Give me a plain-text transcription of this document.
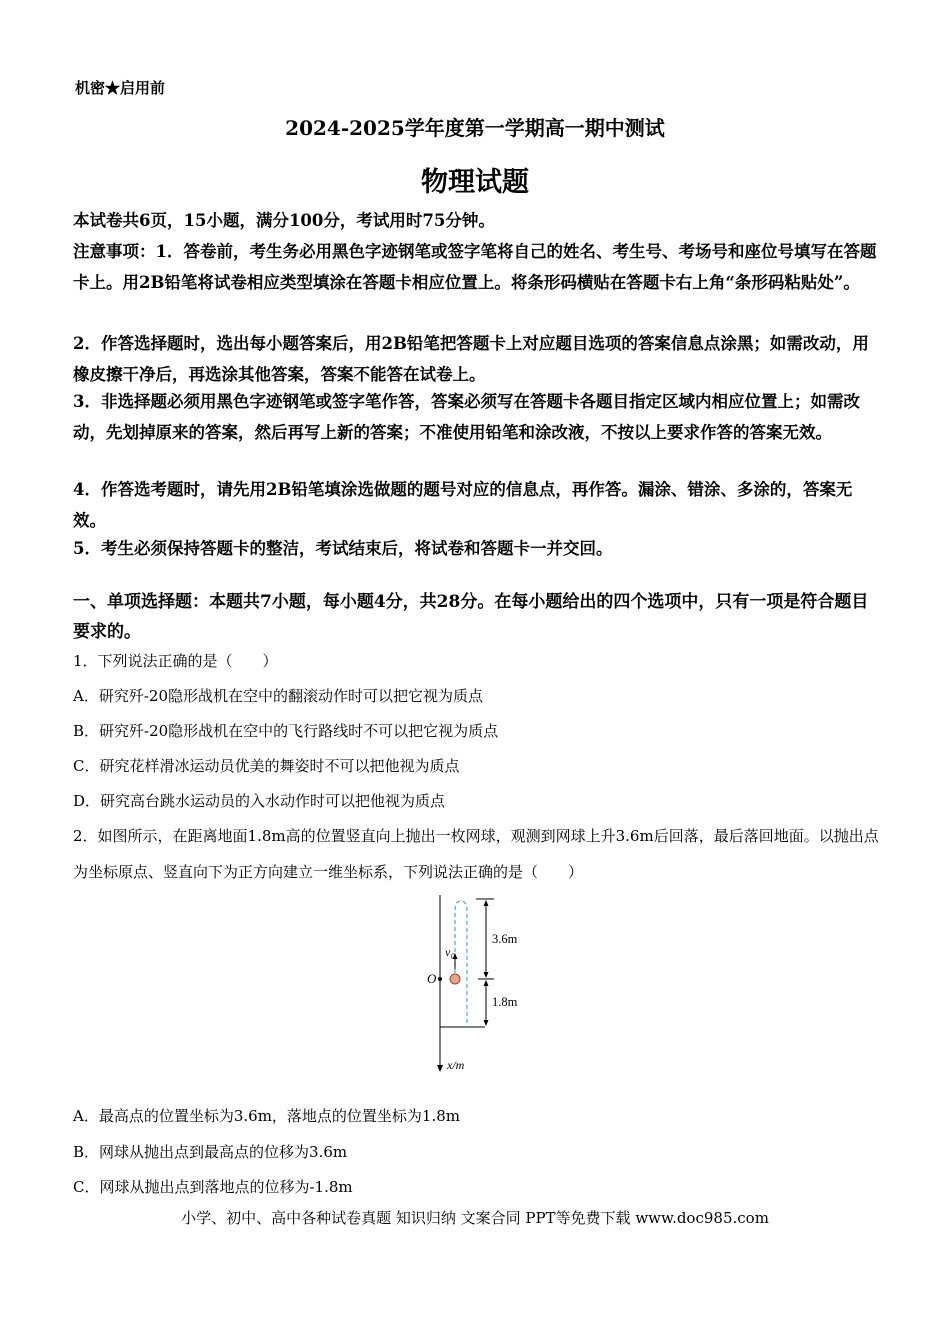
机密★启用前
2024-2025学年度第一学期高一期中测试
物理试题
本试卷共6页，15小题，满分100分，考试用时75分钟。
注意事项：1．答卷前，考生务必用黑色字迹钢笔或签字笔将自己的姓名、考生号、考场号和座位号填写在答题卡上。用2B铅笔将试卷相应类型填涂在答题卡相应位置上。将条形码横贴在答题卡右上角“条形码粘贴处”。
2．作答选择题时，选出每小题答案后，用2B铅笔把答题卡上对应题目选项的答案信息点涂黑；如需改动，用橡皮擦干净后，再选涂其他答案，答案不能答在试卷上。
3．非选择题必须用黑色字迹钢笔或签字笔作答，答案必须写在答题卡各题目指定区域内相应位置上；如需改动，先划掉原来的答案，然后再写上新的答案；不准使用铅笔和涂改液，不按以上要求作答的答案无效。
4．作答选考题时，请先用2B铅笔填涂选做题的题号对应的信息点，再作答。漏涂、错涂、多涂的，答案无效。
5．考生必须保持答题卡的整洁，考试结束后，将试卷和答题卡一并交回。
一、单项选择题：本题共7小题，每小题4分，共28分。在每小题给出的四个选项中，只有一项是符合题目要求的。
1．下列说法正确的是（　　）
A．研究歼-20隐形战机在空中的翻滚动作时可以把它视为质点
B．研究歼-20隐形战机在空中的飞行路线时不可以把它视为质点
C．研究花样滑冰运动员优美的舞姿时不可以把他视为质点
D．研究高台跳水运动员的入水动作时可以把他视为质点
2．如图所示，在距离地面1.8m高的位置竖直向上抛出一枚网球，观测到网球上升3.6m后回落，最后落回地面。以抛出点为坐标原点、竖直向下为正方向建立一维坐标系，下列说法正确的是（　　）
v 0
O
3.6m
1.8m
x/m
A．最高点的位置坐标为3.6m，落地点的位置坐标为1.8m
B．网球从抛出点到最高点的位移为3.6m
C．网球从抛出点到落地点的位移为-1.8m
小学、初中、高中各种试卷真题 知识归纳 文案合同 PPT等免费下载 www.doc985.com
